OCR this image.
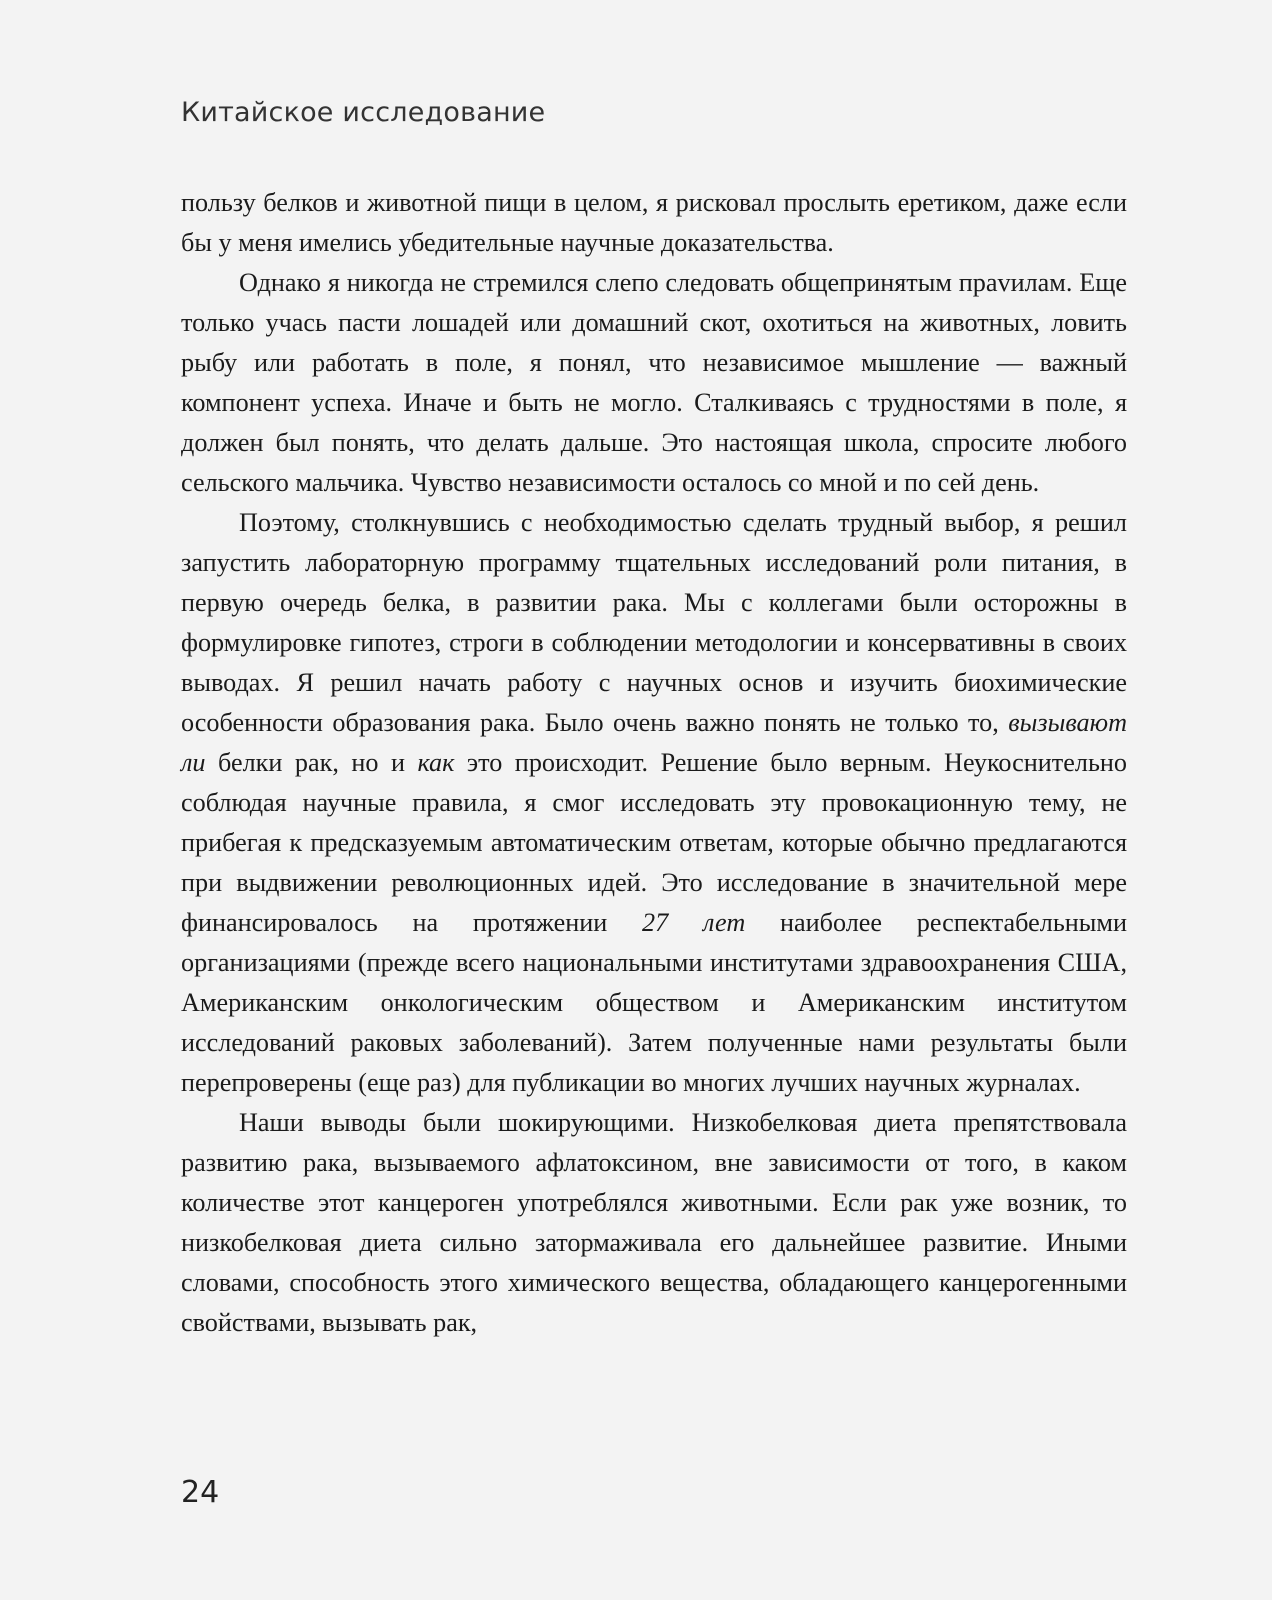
Китайское исследование

пользу белков и животной пищи в целом, я рисковал прослыть еретиком, даже если бы у меня имелись убедительные научные доказательства.

Однако я никогда не стремился слепо следовать общепринятым праvилам. Еще только учась пасти лошадей или домашний скот, охотиться на животных, ловить рыбу или работать в поле, я понял, что независимое мышление — важный компонент успеха. Иначе и быть не могло. Сталкиваясь с трудностями в поле, я должен был понять, что делать дальше. Это настоящая школа, спросите любого сельского мальчика. Чувство независимости осталось со мной и по сей день.

Поэтому, столкнувшись с необходимостью сделать трудный выбор, я решил запустить лабораторную программу тщательных исследований роли питания, в первую очередь белка, в развитии рака. Мы с коллегами были осторожны в формулировке гипотез, строги в соблюдении методологии и консервативны в своих выводах. Я решил начать работу с научных основ и изучить биохимические особенности образования рака. Было очень важно понять не только то, вызывают ли белки рак, но и как это происходит. Решение было верным. Неукоснительно соблюдая научные правила, я смог исследовать эту провокационную тему, не прибегая к предсказуемым автоматическим ответам, которые обычно предлагаются при выдвижении революционных идей. Это исследование в значительной мере финансировалось на протяжении 27 лет наиболее респектабельными организациями (прежде всего национальными институтами здравоохранения США, Американским онкологическим обществом и Американским институтом исследований раковых заболеваний). Затем полученные нами результаты были перепроверены (еще раз) для публикации во многих лучших научных журналах.

Наши выводы были шокирующими. Низкобелковая диета препятствовала развитию рака, вызываемого афлатоксином, вне зависимости от того, в каком количестве этот канцероген употреблялся животными. Если рак уже возник, то низкобелковая диета сильно затормаживала его дальнейшее развитие. Иными словами, способность этого химического вещества, обладающего канцерогенными свойствами, вызывать рак,

24
